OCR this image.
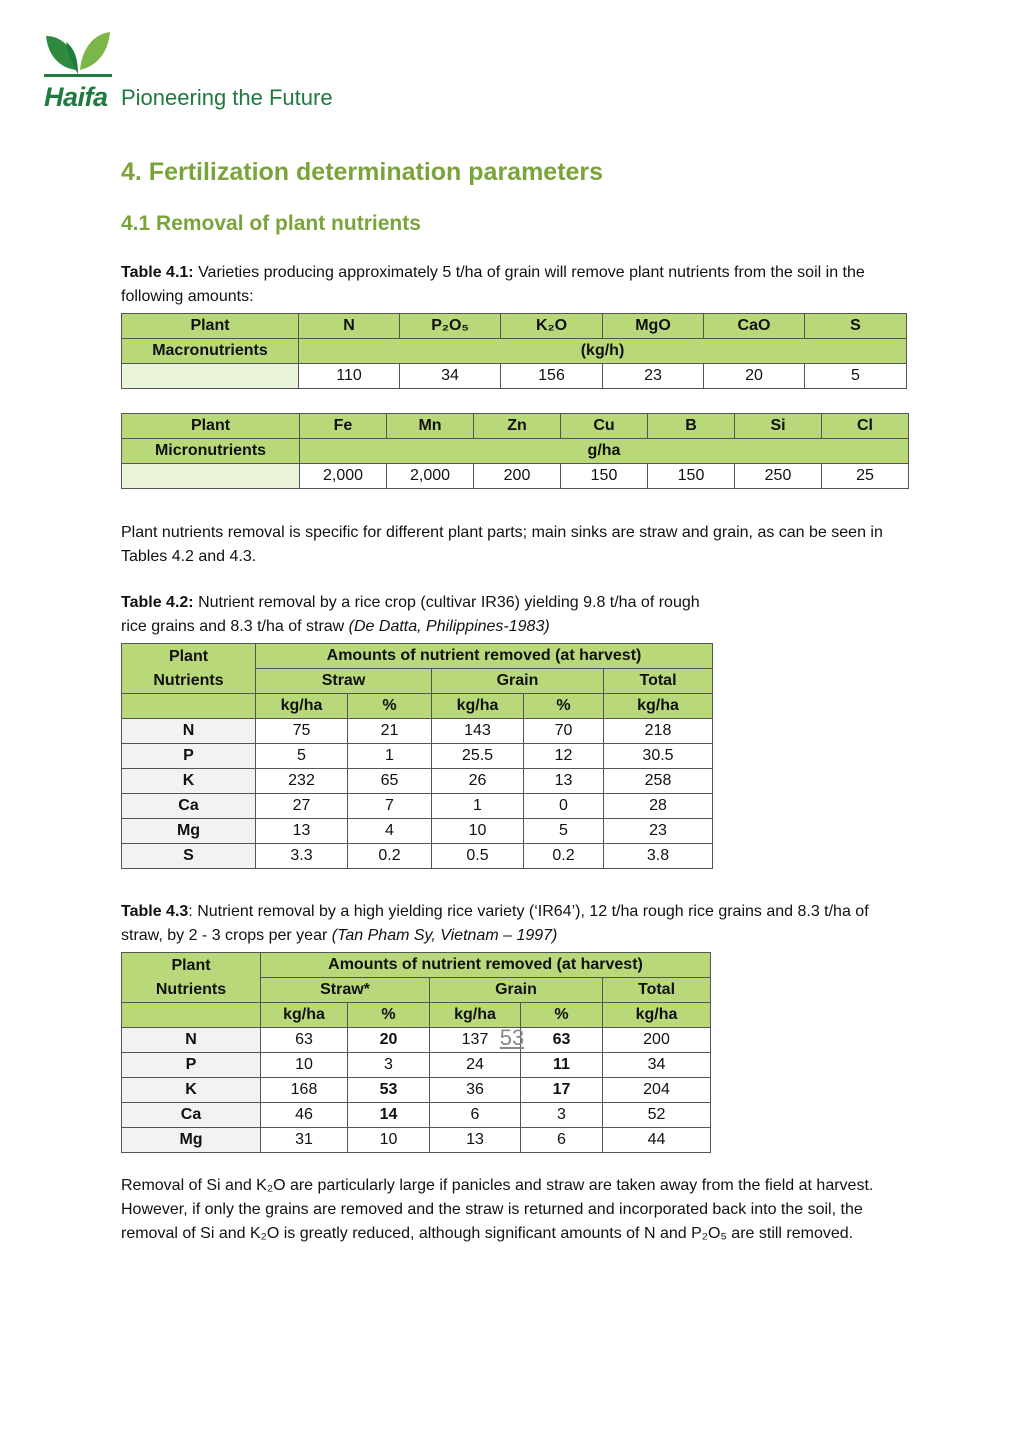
Haifa Pioneering the Future
4. Fertilization determination parameters
4.1 Removal of plant nutrients
Table 4.1: Varieties producing approximately 5 t/ha of grain will remove plant nutrients from the soil in the following amounts:
Plant	N	P₂O₅	K₂O	MgO	CaO	S
Macronutrients	(kg/h)					
	110	34	156	23	20	5
Plant	Fe	Mn	Zn	Cu	B	Si	Cl
Micronutrients	g/ha						
	2,000	2,000	200	150	150	250	25
Plant nutrients removal is specific for different plant parts; main sinks are straw and grain, as can be seen in Tables 4.2 and 4.3.
Table 4.2: Nutrient removal by a rice crop (cultivar IR36) yielding 9.8 t/ha of rough rice grains and 8.3 t/ha of straw (De Datta, Philippines-1983)
Plant
Nutrients	Amounts of nutrient removed (at harvest)				
	Straw		Grain		Total
	kg/ha	%	kg/ha	%	kg/ha
N	75	21	143	70	218
P	5	1	25.5	12	30.5
K	232	65	26	13	258
Ca	27	7	1	0	28
Mg	13	4	10	5	23
S	3.3	0.2	0.5	0.2	3.8
Table 4.3: Nutrient removal by a high yielding rice variety (‘IR64’), 12 t/ha rough rice grains and 8.3 t/ha of straw, by 2 - 3 crops per year (Tan Pham Sy, Vietnam – 1997)
Plant
Nutrients	Amounts of nutrient removed (at harvest)				
	Straw*		Grain		Total
	kg/ha	%	kg/ha	%	kg/ha
N	63	20	137	63	200
P	10	3	24	11	34
K	168	53	36	17	204
Ca	46	14	6	3	52
Mg	31	10	13	6	44
Removal of Si and K₂O are particularly large if panicles and straw are taken away from the field at harvest. However, if only the grains are removed and the straw is returned and incorporated back into the soil, the removal of Si and K₂O is greatly reduced, although significant amounts of N and P₂O₅ are still removed.
53
